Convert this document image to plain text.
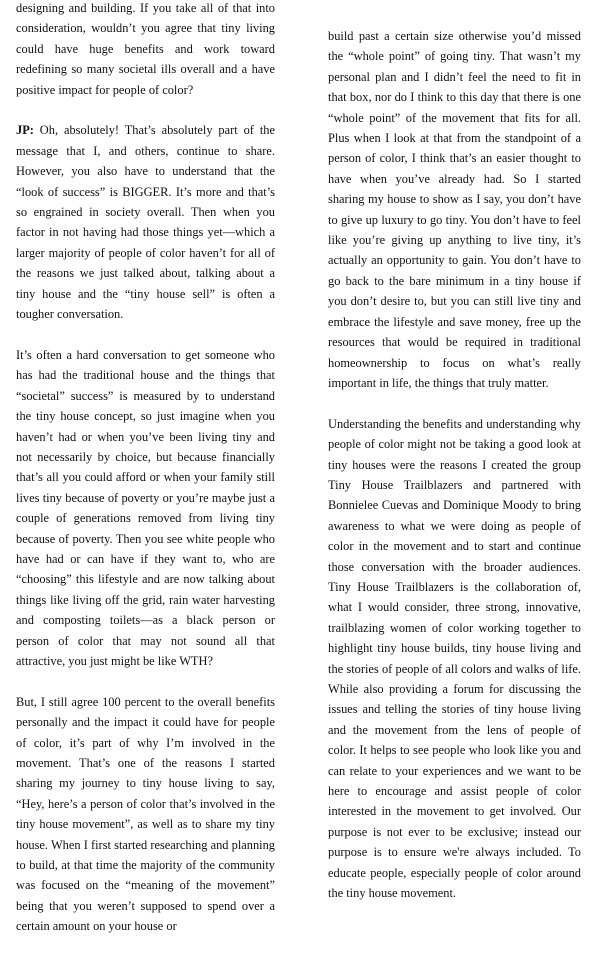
designing and building. If you take all of that into consideration, wouldn’t you agree that tiny living could have huge benefits and work toward redefining so many societal ills overall and a have positive impact for people of color?

JP: Oh, absolutely! That’s absolutely part of the message that I, and others, continue to share. However, you also have to understand that the “look of success” is BIGGER. It’s more and that’s so engrained in society overall. Then when you factor in not having had those things yet—which a larger majority of people of color haven’t for all of the reasons we just talked about, talking about a tiny house and the “tiny house sell” is often a tougher conversation.

It’s often a hard conversation to get someone who has had the traditional house and the things that “societal” success” is measured by to understand the tiny house concept, so just imagine when you haven’t had or when you’ve been living tiny and not necessarily by choice, but because financially that’s all you could afford or when your family still lives tiny because of poverty or you’re maybe just a couple of generations removed from living tiny because of poverty. Then you see white people who have had or can have if they want to, who are “choosing” this lifestyle and are now talking about things like living off the grid, rain water harvesting and composting toilets—as a black person or person of color that may not sound all that attractive, you just might be like WTH?

But, I still agree 100 percent to the overall benefits personally and the impact it could have for people of color, it’s part of why I’m involved in the movement. That’s one of the reasons I started sharing my journey to tiny house living to say, “Hey, here’s a person of color that’s involved in the tiny house movement”, as well as to share my tiny house. When I first started researching and planning to build, at that time the majority of the community was focused on the “meaning of the movement” being that you weren’t supposed to spend over a certain amount on your house or

build past a certain size otherwise you’d missed the “whole point” of going tiny. That wasn’t my personal plan and I didn’t feel the need to fit in that box, nor do I think to this day that there is one “whole point” of the movement that fits for all. Plus when I look at that from the standpoint of a person of color, I think that’s an easier thought to have when you’ve already had. So I started sharing my house to show as I say, you don’t have to give up luxury to go tiny. You don’t have to feel like you’re giving up anything to live tiny, it’s actually an opportunity to gain. You don’t have to go back to the bare minimum in a tiny house if you don’t desire to, but you can still live tiny and embrace the lifestyle and save money, free up the resources that would be required in traditional homeownership to focus on what’s really important in life, the things that truly matter.

Understanding the benefits and understanding why people of color might not be taking a good look at tiny houses were the reasons I created the group Tiny House Trailblazers and partnered with Bonnielee Cuevas and Dominique Moody to bring awareness to what we were doing as people of color in the movement and to start and continue those conversation with the broader audiences. Tiny House Trailblazers is the collaboration of, what I would consider, three strong, innovative, trailblazing women of color working together to highlight tiny house builds, tiny house living and the stories of people of all colors and walks of life. While also providing a forum for discussing the issues and telling the stories of tiny house living and the movement from the lens of people of color. It helps to see people who look like you and can relate to your experiences and we want to be here to encourage and assist people of color interested in the movement to get involved. Our purpose is not ever to be exclusive; instead our purpose is to ensure we're always included. To educate people, especially people of color around the tiny house movement.
